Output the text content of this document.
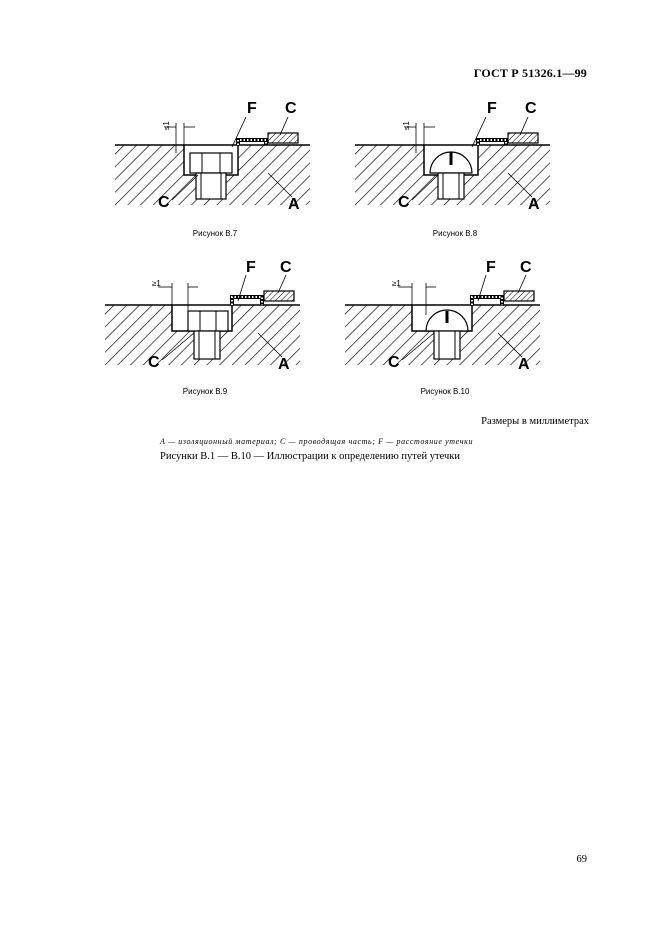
ГОСТ Р 51326.1—99
≤1
F C
C	A
Рисунок В.7
≤1
F C
C	A
Рисунок В.8
≥1
F C
C	A
Рисунок В.9
≥1
F C
C	A
Рисунок В.10
Размеры в миллиметрах
A — изоляционный материал; C — проводящая часть; F — расстояние утечки
Рисунки В.1 — В.10 — Иллюстрации к определению путей утечки
69
